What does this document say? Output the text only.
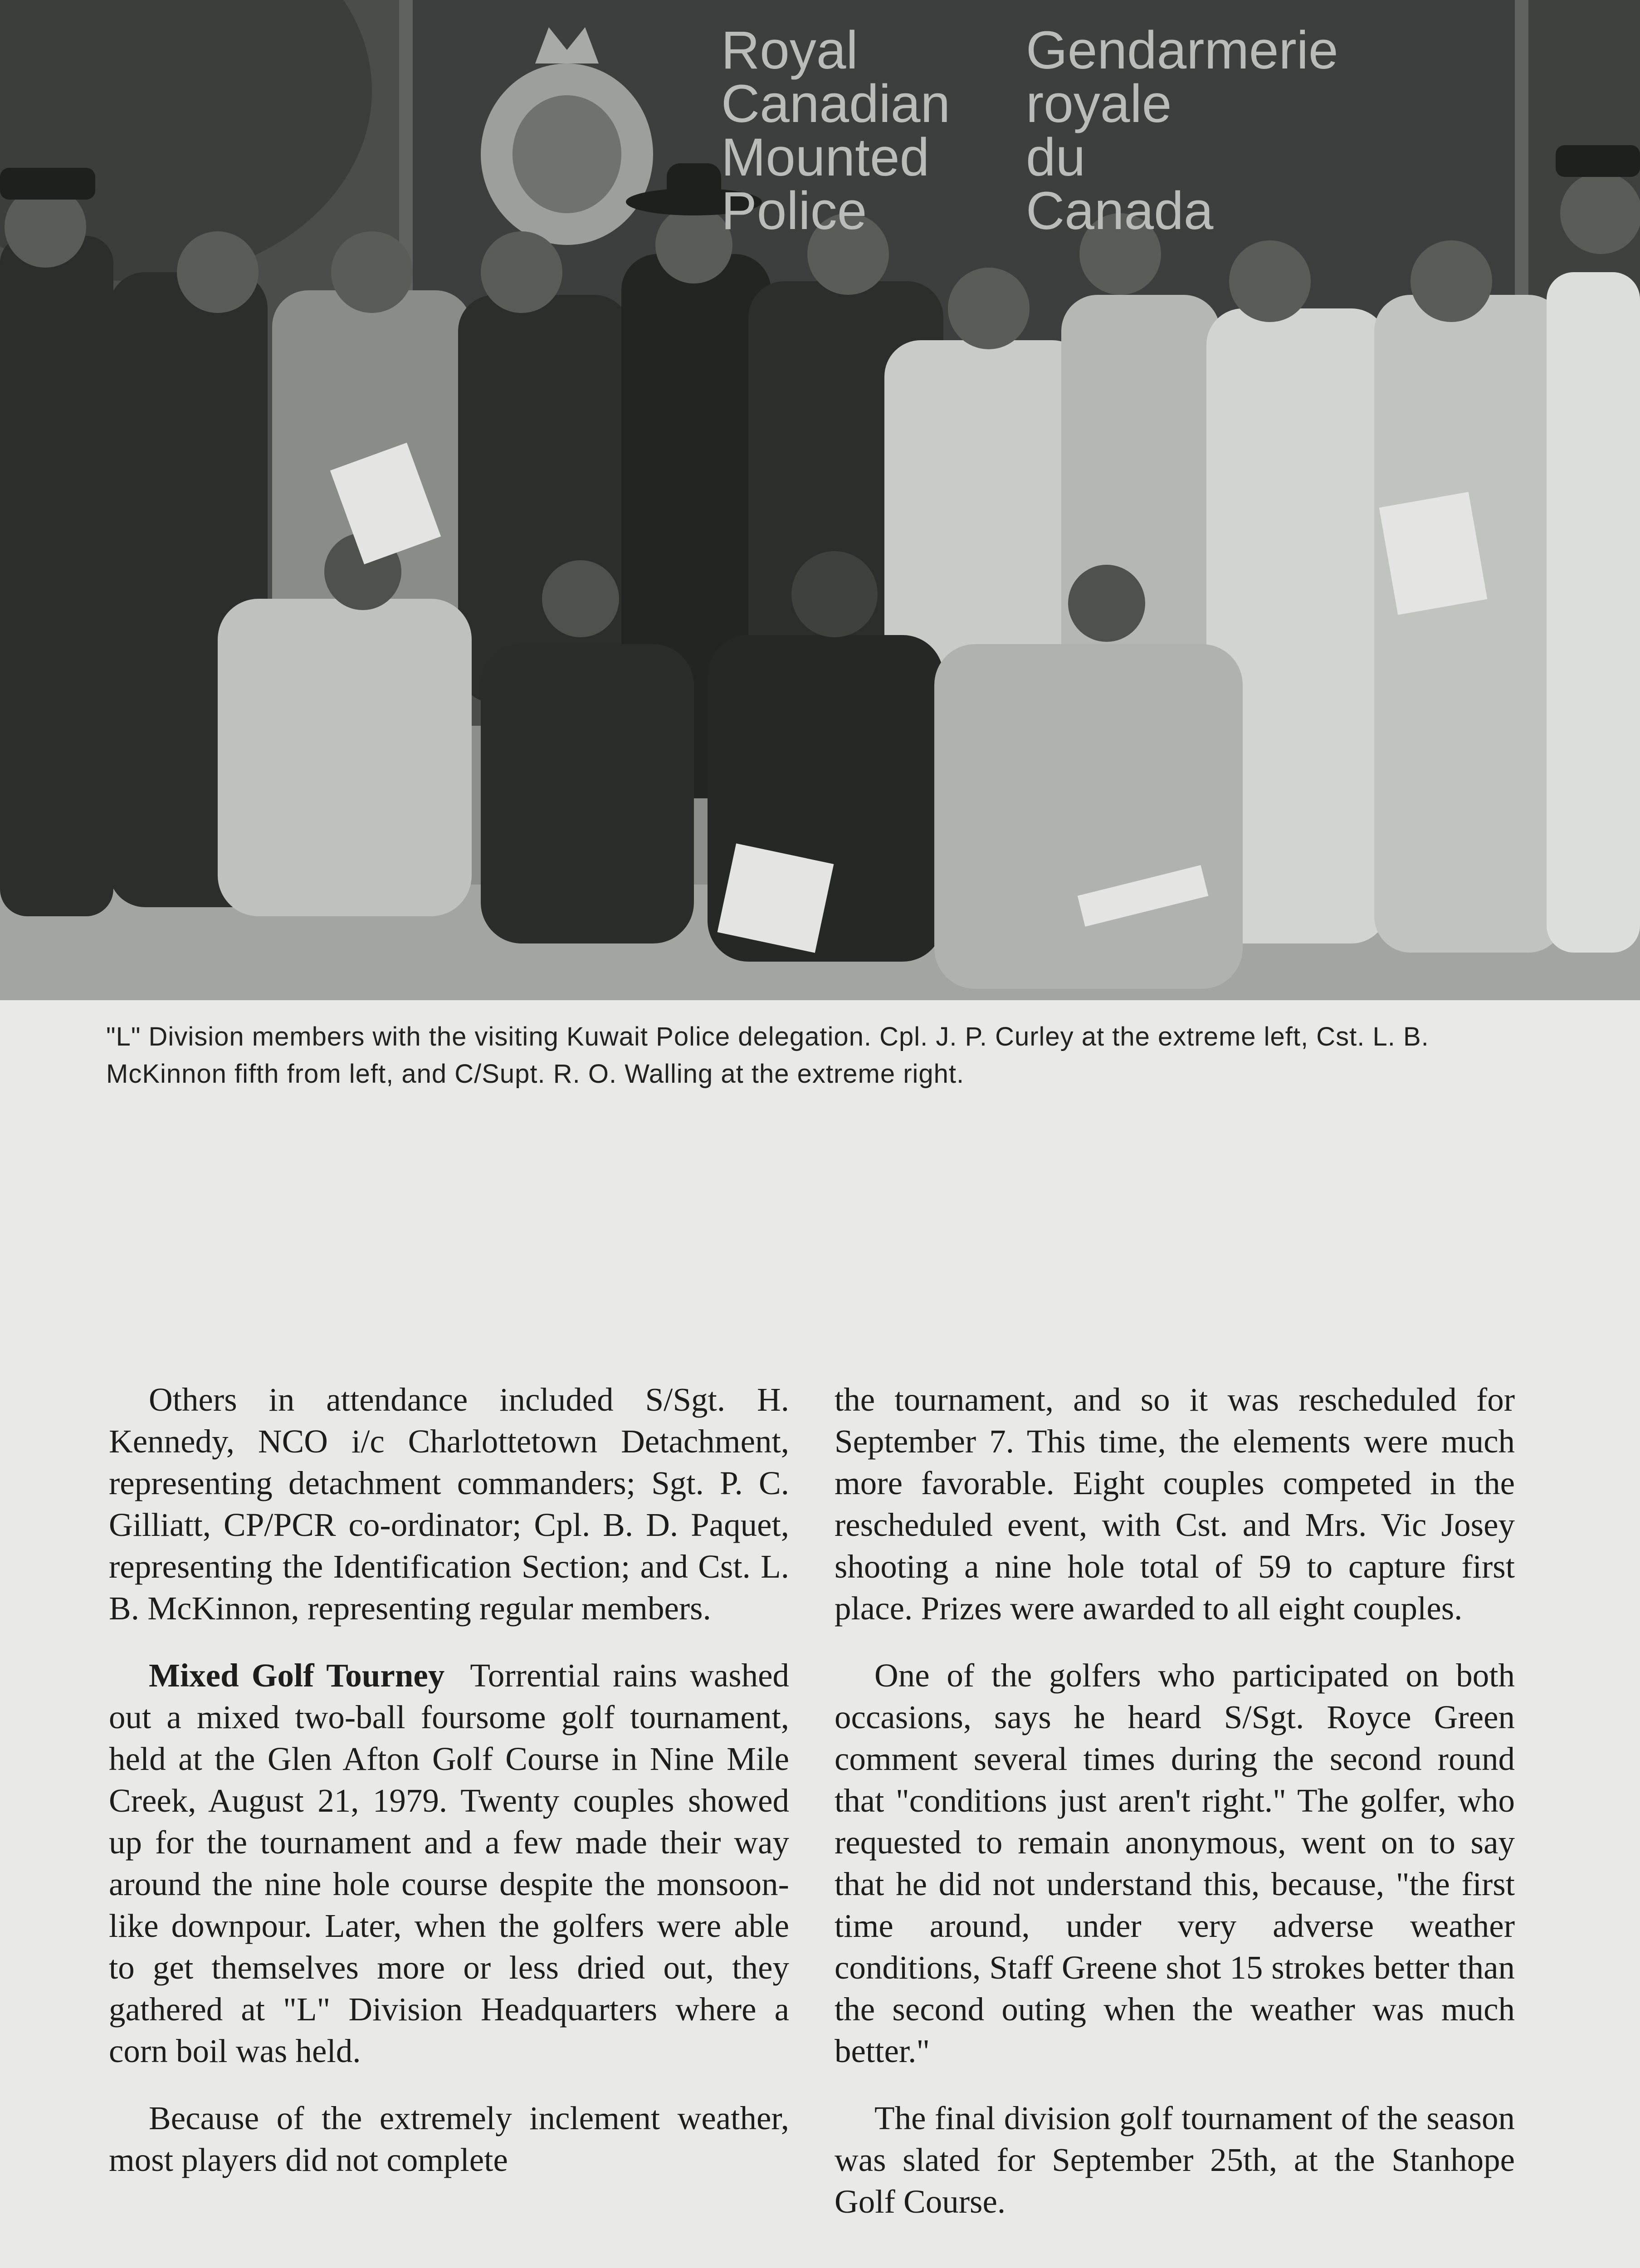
Royal
Canadian
Mounted
Police
Gendarmerie
royale
du
Canada
"L" Division members with the visiting Kuwait Police delegation. Cpl. J. P. Curley at the extreme left, Cst. L. B. McKinnon fifth from left, and C/Supt. R. O. Walling at the extreme right.

Others in attendance included S/Sgt. H. Kennedy, NCO i/c Charlottetown Detachment, representing detachment commanders; Sgt. P. C. Gilliatt, CP/PCR co-ordinator; Cpl. B. D. Paquet, representing the Identification Section; and Cst. L. B. McKinnon, representing regular members.

Mixed Golf Tourney Torrential rains washed out a mixed two-ball foursome golf tournament, held at the Glen Afton Golf Course in Nine Mile Creek, August 21, 1979. Twenty couples showed up for the tournament and a few made their way around the nine hole course despite the monsoon-like downpour. Later, when the golfers were able to get themselves more or less dried out, they gathered at "L" Division Headquarters where a corn boil was held.

Because of the extremely inclement weather, most players did not complete

the tournament, and so it was rescheduled for September 7. This time, the elements were much more favorable. Eight couples competed in the rescheduled event, with Cst. and Mrs. Vic Josey shooting a nine hole total of 59 to capture first place. Prizes were awarded to all eight couples.

One of the golfers who participated on both occasions, says he heard S/Sgt. Royce Green comment several times during the second round that "conditions just aren't right." The golfer, who requested to remain anonymous, went on to say that he did not understand this, because, "the first time around, under very adverse weather conditions, Staff Greene shot 15 strokes better than the second outing when the weather was much better."

The final division golf tournament of the season was slated for September 25th, at the Stanhope Golf Course.
